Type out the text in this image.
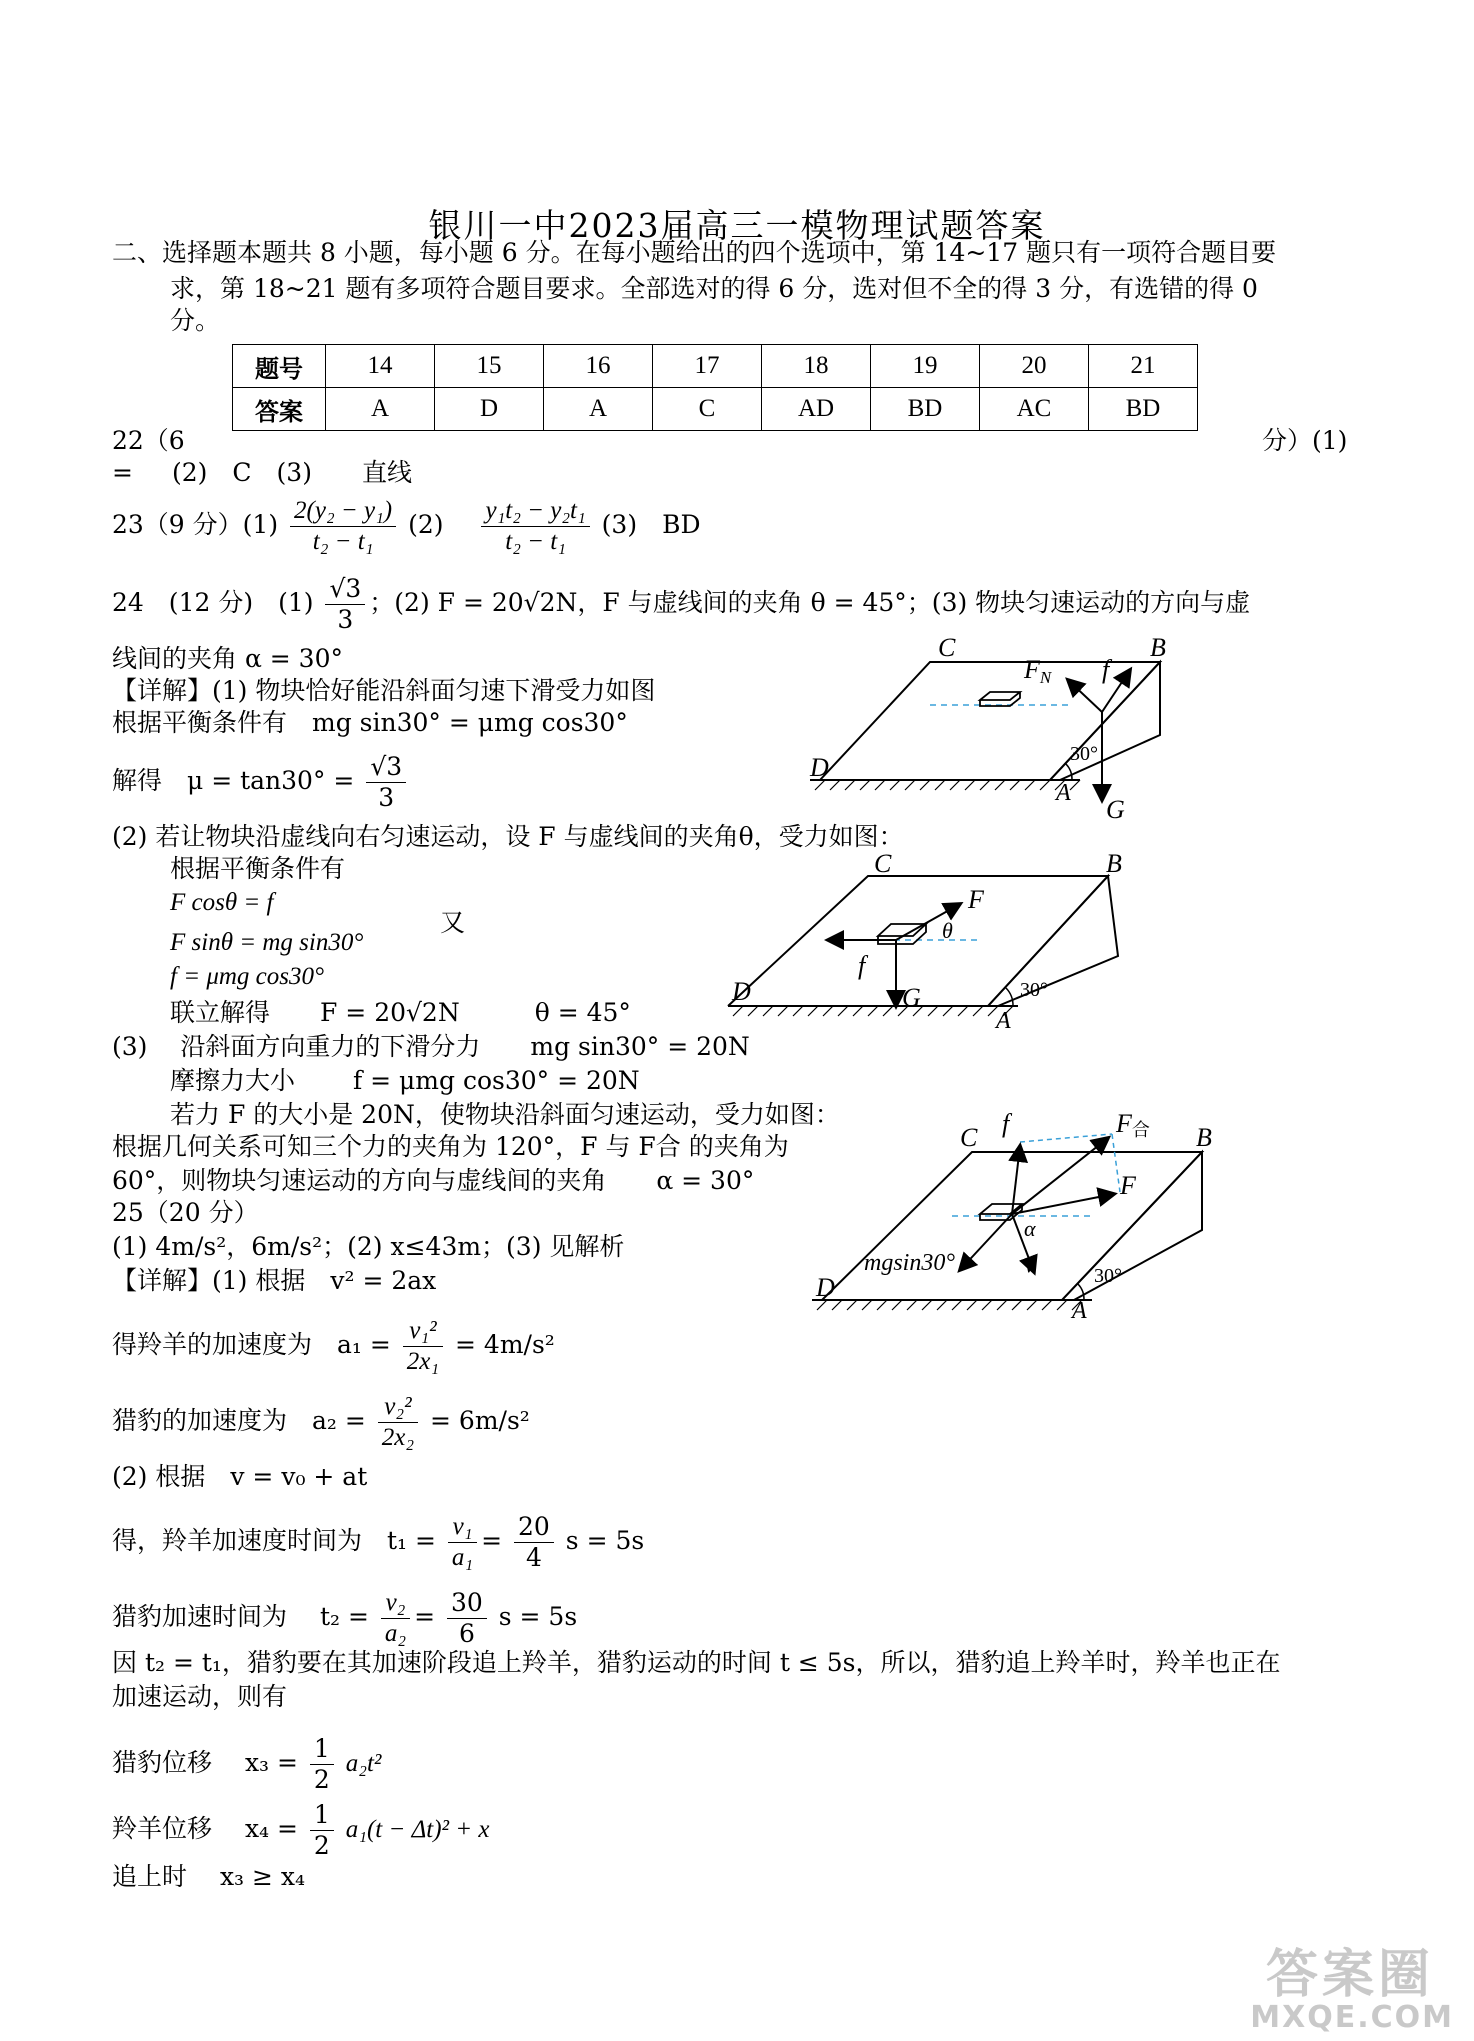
银川一中2023届高三一模物理试题答案
二、选择题本题共 8 小题，每小题 6 分。在每小题给出的四个选项中，第 14~17 题只有一项符合题目要
求，第 18~21 题有多项符合题目要求。全部选对的得 6 分，选对但不全的得 3 分，有选错的得 0
分。
题号	14	15	16	17	18	19	20	21
答案	A	D	A	C	AD	BD	AC	BD
22（6	分）(1)
= (2)　C　(3)　　直线
23（9 分）$(1) \frac{\text{2(y₂ − y₁)}}{\text{t₂ − t₁}} (2) \frac{\text{y₁t₂ − y₂t₁}}{\text{t₂ − t₁}} (3)$　BD
24　(12 分)　$(1) \frac{√3}{3}$ ；(2) F = 20√2N，F 与虚线间的夹角 θ = 45°；(3) 物块匀速运动的方向与虚
线间的夹角 α = 30°
【详解】(1) 物块恰好能沿斜面匀速下滑受力如图
根据平衡条件有　mg sin30° = μmg cos30°
解得　$\mu = \tan 30^\circ = \frac{√3}{3}$
(2) 若让物块沿虚线向右匀速运动，设 F 与虚线间的夹角θ，受力如图：
根据平衡条件有
F cosθ = f
F sinθ = mg sin30°
又
f = μmg cos30°
联立解得　　F = 20√2N　　　θ = 45°
(3)　 沿斜面方向重力的下滑分力　　mg sin30° = 20N
摩擦力大小　　 f = μmg cos30° = 20N
若力 F 的大小是 20N，使物块沿斜面匀速运动，受力如图：
根据几何关系可知三个力的夹角为 120°，F 与 F合 的夹角为
60°，则物块匀速运动的方向与虚线间的夹角　　α = 30°
25（20 分）
(1) 4m/s²，6m/s²；(2) x≤43m；(3) 见解析
【详解】(1) 根据　v² = 2ax
得羚羊的加速度为　$a_1 = \frac{\text{v₁²}}{\text{2x₁}} = 4m/s^2$
猎豹的加速度为　$a_2 = \frac{\text{v₂²}}{\text{2x₂}} = 6m/s^2$
(2) 根据　v = v₀ + at
得，羚羊加速度时间为　$t_1 = \frac{\text{v₁}}{\text{a₁}} = \frac{20}{4}$ s = 5s
猎豹加速时间为　 $t_2 = \frac{\text{v₂}}{\text{a₂}} = \frac{30}{6}$ s = 5s
因 t₂ = t₁，猎豹要在其加速阶段追上羚羊，猎豹运动的时间 t ≤ 5s，所以，猎豹追上羚羊时，羚羊也正在
加速运动，则有
猎豹位移　 $x_3 = \frac{1}{2} a_2t^2$
羚羊位移　 $x_4 = \frac{1}{2} a_1(t - \Delta t)^2 + x$
追上时　 x₃ ≥ x₄
C	B
D
A
FN f
G
30°
C	B
D
A
F
θ
f
G	30°
C	B
D
A
f	F合
F
α
mgsin30°	v	30°
答案圈
MXQE.COM
